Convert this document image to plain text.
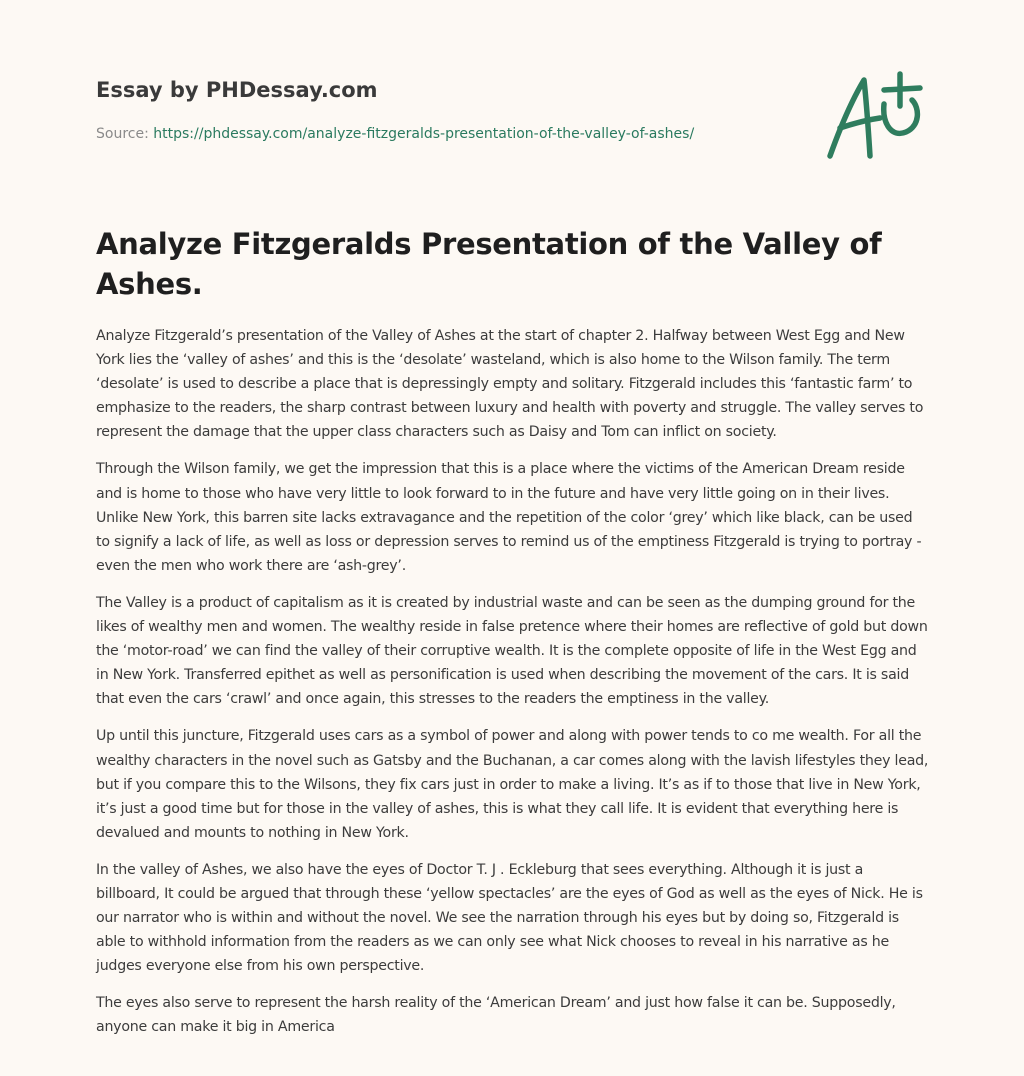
Essay by PHDessay.com
Source: https://phdessay.com/analyze-fitzgeralds-presentation-of-the-valley-of-ashes/
Analyze Fitzgeralds Presentation of the Valley of Ashes.

Analyze Fitzgerald’s presentation of the Valley of Ashes at the start of chapter 2. Halfway between West Egg and New York lies the ‘valley of ashes’ and this is the ‘desolate’ wasteland, which is also home to the Wilson family. The term ‘desolate’ is used to describe a place that is depressingly empty and solitary. Fitzgerald includes this ‘fantastic farm’ to emphasize to the readers, the sharp contrast between luxury and health with poverty and struggle. The valley serves to represent the damage that the upper class characters such as Daisy and Tom can inflict on society.

Through the Wilson family, we get the impression that this is a place where the victims of the American Dream reside and is home to those who have very little to look forward to in the future and have very little going on in their lives. Unlike New York, this barren site lacks extravagance and the repetition of the color ‘grey’ which like black, can be used to signify a lack of life, as well as loss or depression serves to remind us of the emptiness Fitzgerald is trying to portray - even the men who work there are ‘ash-grey’.

The Valley is a product of capitalism as it is created by industrial waste and can be seen as the dumping ground for the likes of wealthy men and women. The wealthy reside in false pretence where their homes are reflective of gold but down the ‘motor-road’ we can find the valley of their corruptive wealth. It is the complete opposite of life in the West Egg and in New York. Transferred epithet as well as personification is used when describing the movement of the cars. It is said that even the cars ‘crawl’ and once again, this stresses to the readers the emptiness in the valley.

Up until this juncture, Fitzgerald uses cars as a symbol of power and along with power tends to co me wealth. For all the wealthy characters in the novel such as Gatsby and the Buchanan, a car comes along with the lavish lifestyles they lead, but if you compare this to the Wilsons, they fix cars just in order to make a living. It’s as if to those that live in New York, it’s just a good time but for those in the valley of ashes, this is what they call life. It is evident that everything here is devalued and mounts to nothing in New York.

In the valley of Ashes, we also have the eyes of Doctor T. J . Eckleburg that sees everything. Although it is just a billboard, It could be argued that through these ‘yellow spectacles’ are the eyes of God as well as the eyes of Nick. He is our narrator who is within and without the novel. We see the narration through his eyes but by doing so, Fitzgerald is able to withhold information from the readers as we can only see what Nick chooses to reveal in his narrative as he judges everyone else from his own perspective.

The eyes also serve to represent the harsh reality of the ‘American Dream’ and just how false it can be. Supposedly, anyone can make it big in America
